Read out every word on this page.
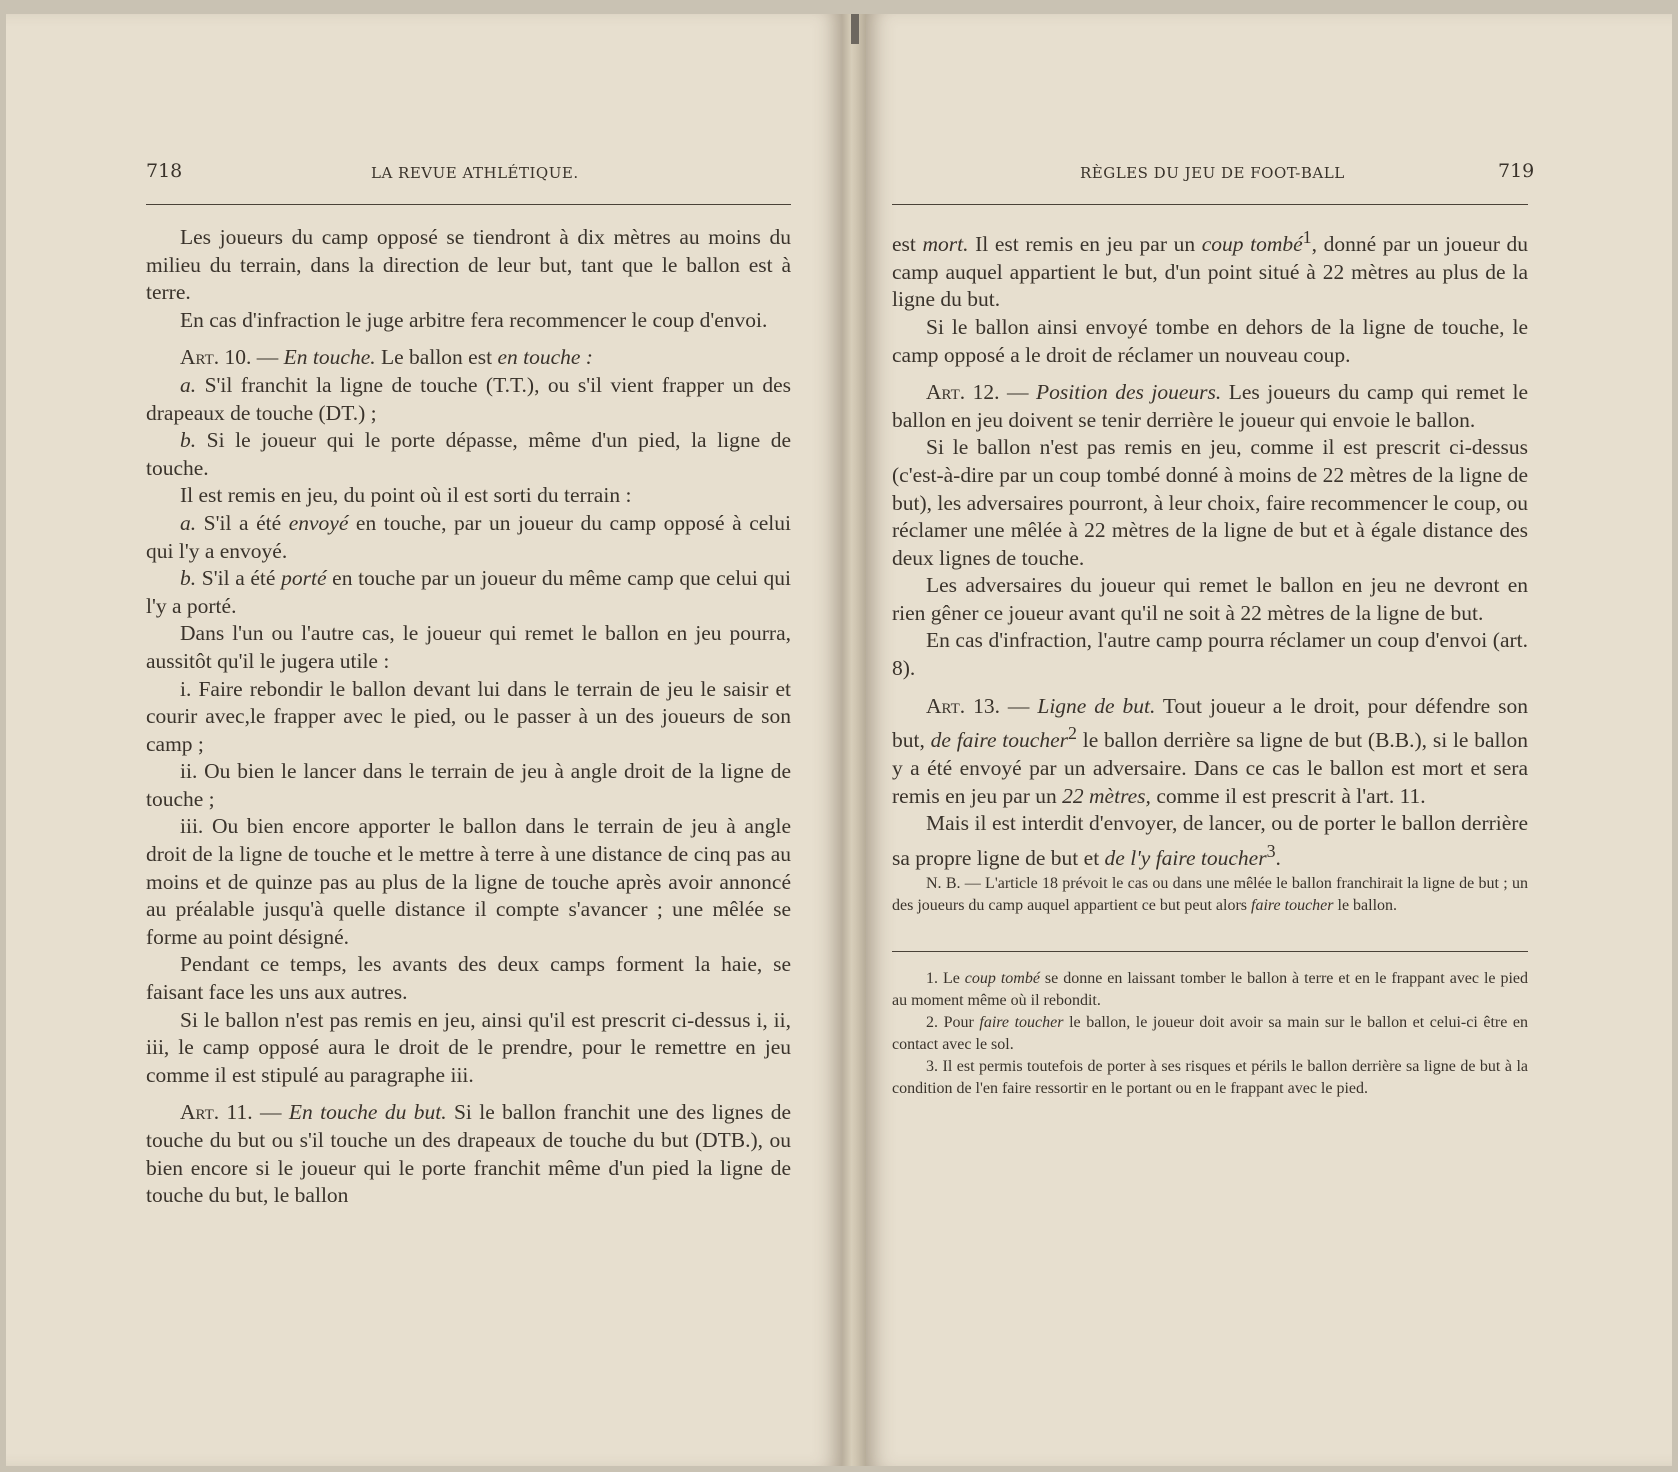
718	LA REVUE ATHLÉTIQUE.

Les joueurs du camp opposé se tiendront à dix mètres au moins du milieu du terrain, dans la direction de leur but, tant que le ballon est à terre.

En cas d'infraction le juge arbitre fera recommencer le coup d'envoi.

Art. 10. — En touche. Le ballon est en touche :

a. S'il franchit la ligne de touche (T.T.), ou s'il vient frapper un des drapeaux de touche (DT.) ;

b. Si le joueur qui le porte dépasse, même d'un pied, la ligne de touche.

Il est remis en jeu, du point où il est sorti du terrain :

a. S'il a été envoyé en touche, par un joueur du camp opposé à celui qui l'y a envoyé.

b. S'il a été porté en touche par un joueur du même camp que celui qui l'y a porté.

Dans l'un ou l'autre cas, le joueur qui remet le ballon en jeu pourra, aussitôt qu'il le jugera utile :

i. Faire rebondir le ballon devant lui dans le terrain de jeu le saisir et courir avec,le frapper avec le pied, ou le passer à un des joueurs de son camp ;

ii. Ou bien le lancer dans le terrain de jeu à angle droit de la ligne de touche ;

iii. Ou bien encore apporter le ballon dans le terrain de jeu à angle droit de la ligne de touche et le mettre à terre à une distance de cinq pas au moins et de quinze pas au plus de la ligne de touche après avoir annoncé au préalable jusqu'à quelle distance il compte s'avancer ; une mêlée se forme au point désigné.

Pendant ce temps, les avants des deux camps forment la haie, se faisant face les uns aux autres.

Si le ballon n'est pas remis en jeu, ainsi qu'il est prescrit ci-dessus i, ii, iii, le camp opposé aura le droit de le prendre, pour le remettre en jeu comme il est stipulé au paragraphe iii.

Art. 11. — En touche du but. Si le ballon franchit une des lignes de touche du but ou s'il touche un des drapeaux de touche du but (DTB.), ou bien encore si le joueur qui le porte franchit même d'un pied la ligne de touche du but, le ballon

RÈGLES DU JEU DE FOOT-BALL	719

est mort. Il est remis en jeu par un coup tombé$^1$, donné par un joueur du camp auquel appartient le but, d'un point situé à 22 mètres au plus de la ligne du but.

Si le ballon ainsi envoyé tombe en dehors de la ligne de touche, le camp opposé a le droit de réclamer un nouveau coup.

Art. 12. — Position des joueurs. Les joueurs du camp qui remet le ballon en jeu doivent se tenir derrière le joueur qui envoie le ballon.

Si le ballon n'est pas remis en jeu, comme il est prescrit ci-dessus (c'est-à-dire par un coup tombé donné à moins de 22 mètres de la ligne de but), les adversaires pourront, à leur choix, faire recommencer le coup, ou réclamer une mêlée à 22 mètres de la ligne de but et à égale distance des deux lignes de touche.

Les adversaires du joueur qui remet le ballon en jeu ne devront en rien gêner ce joueur avant qu'il ne soit à 22 mètres de la ligne de but.

En cas d'infraction, l'autre camp pourra réclamer un coup d'envoi (art. 8).

Art. 13. — Ligne de but. Tout joueur a le droit, pour défendre son but, de faire toucher$^2$ le ballon derrière sa ligne de but (B.B.), si le ballon y a été envoyé par un adversaire. Dans ce cas le ballon est mort et sera remis en jeu par un 22 mètres, comme il est prescrit à l'art. 11.

Mais il est interdit d'envoyer, de lancer, ou de porter le ballon derrière sa propre ligne de but et de l'y faire toucher$^3$.

N. B. — L'article 18 prévoit le cas ou dans une mêlée le ballon franchirait la ligne de but ; un des joueurs du camp auquel appartient ce but peut alors faire toucher le ballon.

1. Le coup tombé se donne en laissant tomber le ballon à terre et en le frappant avec le pied au moment même où il rebondit.

2. Pour faire toucher le ballon, le joueur doit avoir sa main sur le ballon et celui-ci être en contact avec le sol.

3. Il est permis toutefois de porter à ses risques et périls le ballon derrière sa ligne de but à la condition de l'en faire ressortir en le portant ou en le frappant avec le pied.
